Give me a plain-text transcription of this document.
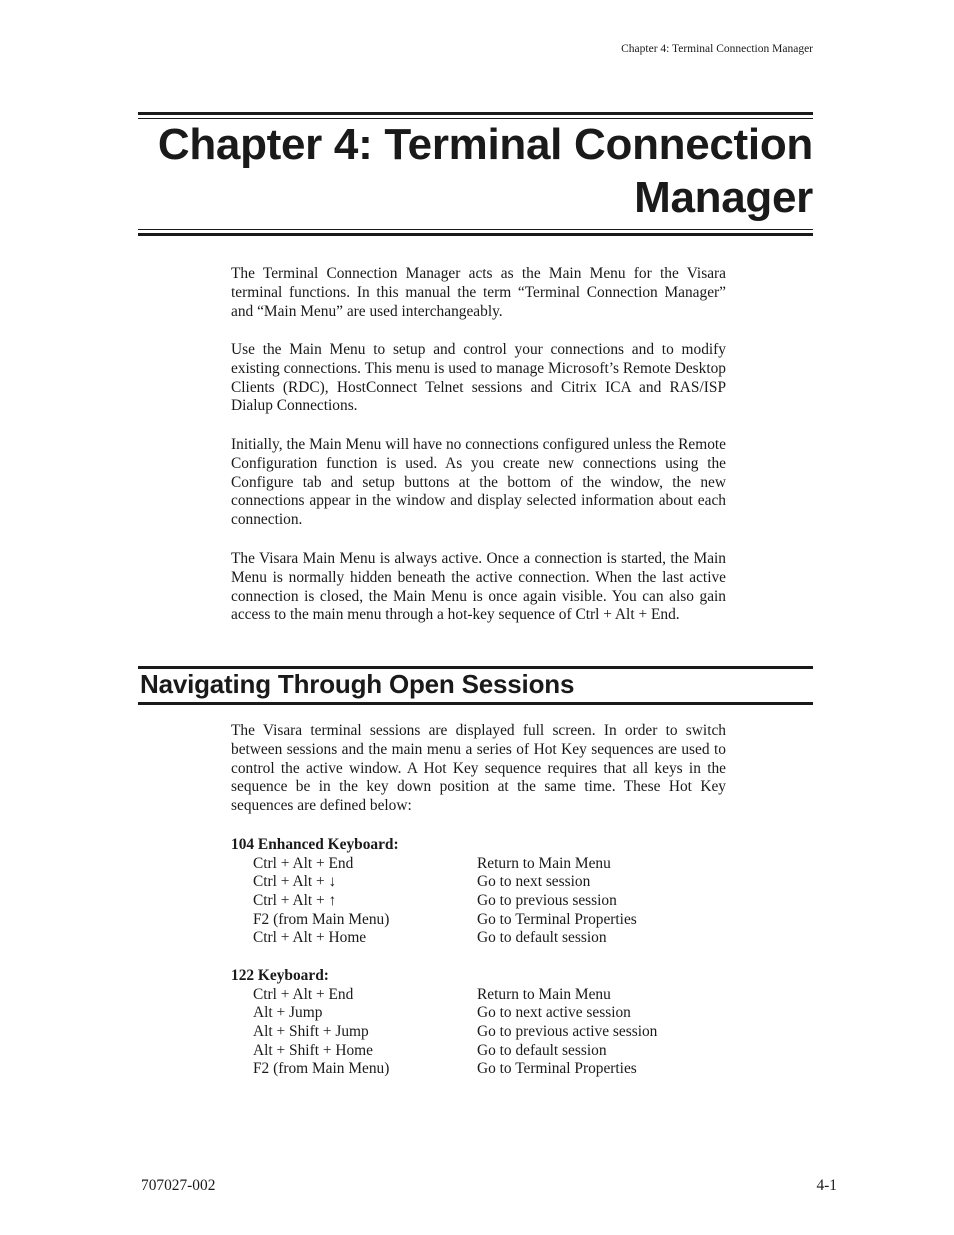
Chapter 4: Terminal Connection Manager
Chapter 4: Terminal Connection
Manager

The Terminal Connection Manager acts as the Main Menu for the Visara terminal functions. In this manual the term “Terminal Connection Manager” and “Main Menu” are used interchangeably.

Use the Main Menu to setup and control your connections and to modify existing connections. This menu is used to manage Microsoft’s Remote Desktop Clients (RDC), HostConnect Telnet sessions and Citrix ICA and RAS/ISP Dialup Connections.

Initially, the Main Menu will have no connections configured unless the Remote Configuration function is used. As you create new connections using the Configure tab and setup buttons at the bottom of the window, the new connections appear in the window and display selected information about each connection.

The Visara Main Menu is always active. Once a connection is started, the Main Menu is normally hidden beneath the active connection. When the last active connection is closed, the Main Menu is once again visible. You can also gain access to the main menu through a hot-key sequence of Ctrl + Alt + End.

Navigating Through Open Sessions

The Visara terminal sessions are displayed full screen. In order to switch between sessions and the main menu a series of Hot Key sequences are used to control the active window. A Hot Key sequence requires that all keys in the sequence be in the key down position at the same time. These Hot Key sequences are defined below:

104 Enhanced Keyboard:
Ctrl + Alt + End	Return to Main Menu
Ctrl + Alt + ↓	Go to next session
Ctrl + Alt + ↑	Go to previous session
F2 (from Main Menu)	Go to Terminal Properties
Ctrl + Alt + Home	Go to default session
122 Keyboard:
Ctrl + Alt + End	Return to Main Menu
Alt + Jump	Go to next active session
Alt + Shift + Jump	Go to previous active session
Alt + Shift + Home	Go to default session
F2 (from Main Menu)	Go to Terminal Properties
707027-002	4-1
